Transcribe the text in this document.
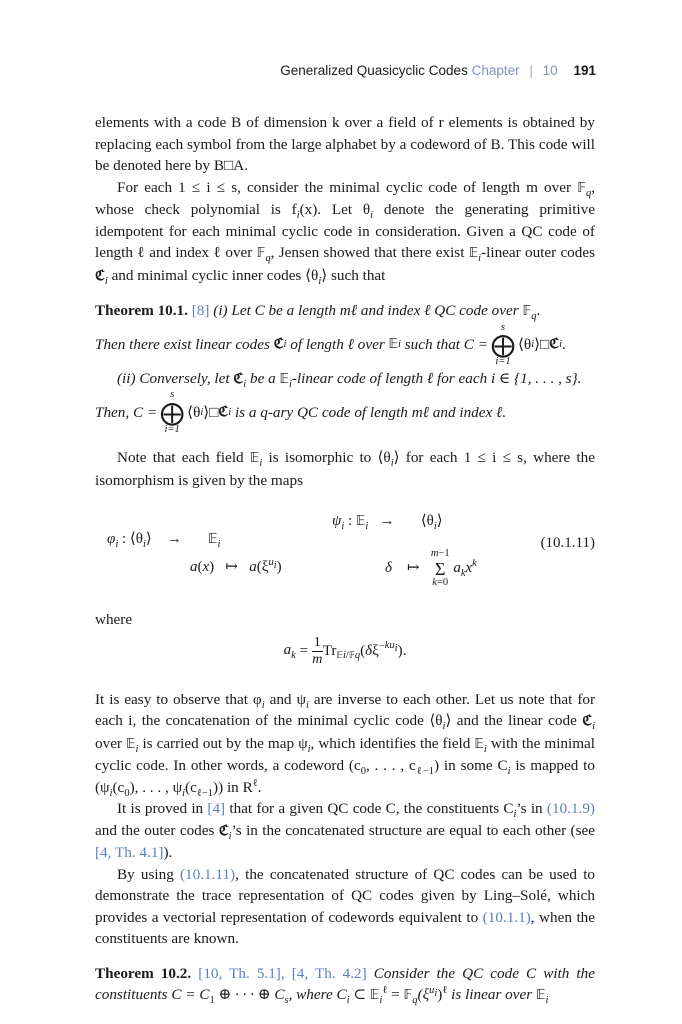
Generalized Quasicyclic Codes Chapter | 10 191

elements with a code B of dimension k over a field of r elements is obtained by replacing each symbol from the large alphabet by a codeword of B. This code will be denoted here by B□A.

For each 1 ≤ i ≤ s, consider the minimal cyclic code of length m over 𝔽$_q$, whose check polynomial is $f_i(x)$. Let $\theta_i$ denote the generating primitive idempotent for each minimal cyclic code in consideration. Given a QC code of length ℓ and index ℓ over 𝔽$_q$, Jensen showed that there exist 𝔼$_i$-linear outer codes ℭ$_i$ and minimal cyclic inner codes $⟨\theta_i⟩$ such that

Theorem 10.1. [8] (i) Let C be a length mℓ and index ℓ QC code over 𝔽$_q$.

Then there exist linear codes
ℭ i
of length ℓ over
𝔼 i
such that C =
s
⨁
i=1
⟨θ i ⟩□ ℭ i .

(ii) Conversely, let ℭ$_i$ be a 𝔼$_i$-linear code of length ℓ for each i ∈ {1, . . . , s}.

Then, C =
s
⨁
i=1
⟨θ i ⟩□ ℭ i
is a q-ary QC code of length mℓ and index ℓ.

Note that each field 𝔼$_i$ is isomorphic to $⟨\theta_i⟩$ for each 1 ≤ i ≤ s, where the isomorphism is given by the maps

$\varphi_i$ : $⟨\theta_i⟩$    →       𝔼$_i$
a(x)   ↦   $a(\xi^{u_i})$
$\psi_i$ : 𝔼$_i$   →       $⟨\theta_i⟩$
δ    ↦
m−1
Σ
k=0
$a_kx^k$
(10.1.11)

where

$a_k = \frac{1}{m} Tr_{𝔼i/𝔽q}(\delta\xi^{-ku_i})$.

It is easy to observe that $\varphi_i$ and $\psi_i$ are inverse to each other. Let us note that for each i, the concatenation of the minimal cyclic code $⟨\theta_i⟩$ and the linear code ℭ$_i$ over 𝔼$_i$ is carried out by the map $\psi_i$, which identifies the field 𝔼$_i$ with the minimal cyclic code. In other words, a codeword ($c_0$, . . . , $c_{\ell-1}$) in some $C_i$ is mapped to ($\psi_i(c_0)$, . . . , $\psi_i(c_{\ell-1})$) in $R^\ell$.

It is proved in [4] that for a given QC code C, the constituents $C_i’s$ in (10.1.9) and the outer codes ℭ$_i$’s in the concatenated structure are equal to each other (see [4, Th. 4.1]).

By using (10.1.11), the concatenated structure of QC codes can be used to demonstrate the trace representation of QC codes given by Ling–Solé, which provides a vectorial representation of codewords equivalent to (10.1.1), when the constituents are known.

Theorem 10.2. [10, Th. 5.1], [4, Th. 4.2] Consider the QC code C with the constituents $C = C_1$ ⊕ · · · ⊕ $C_s$, where $C_i$ ⊂ 𝔼$_i^\ell$ = $𝔽_q(\xi^{u_i})^\ell$ is linear over 𝔼$_i$
